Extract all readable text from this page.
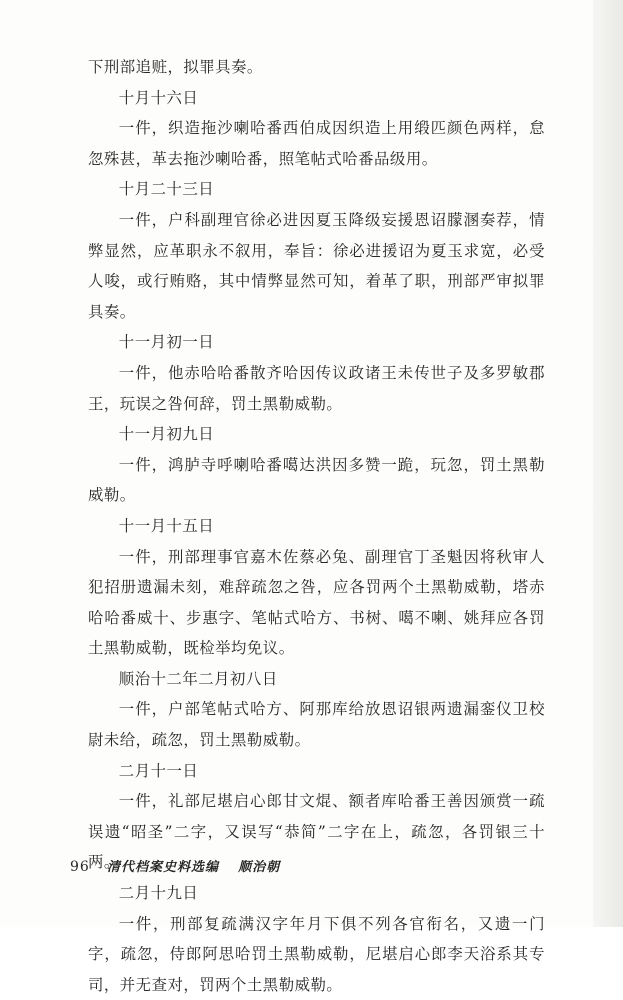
下刑部追赃，拟罪具奏。

十月十六日

一件，织造拖沙喇哈番西伯成因织造上用缎匹颜色两样，怠忽殊甚，革去拖沙喇哈番，照笔帖式哈番品级用。

十月二十三日

一件，户科副理官徐必进因夏玉降级妄援恩诏朦溷奏荐，情弊显然，应革职永不叙用，奉旨：徐必进援诏为夏玉求宽，必受人唆，或行贿赂，其中情弊显然可知，着革了职，刑部严审拟罪具奏。

十一月初一日

一件，他赤哈哈番散齐哈因传议政诸王未传世子及多罗敏郡王，玩误之咎何辞，罚土黑勒威勒。

十一月初九日

一件，鸿胪寺呼喇哈番噶达洪因多赞一跪，玩忽，罚土黑勒威勒。

十一月十五日

一件，刑部理事官嘉木佐蔡必兔、副理官丁圣魁因将秋审人犯招册遗漏未刻，难辞疏忽之咎，应各罚两个土黑勒威勒，塔赤哈哈番威十、步惠字、笔帖式哈方、书树、噶不喇、姚拜应各罚土黑勒威勒，既检举均免议。

顺治十二年二月初八日

一件，户部笔帖式哈方、阿那库给放恩诏银两遗漏銮仪卫校尉未给，疏忽，罚土黑勒威勒。

二月十一日

一件，礼部尼堪启心郎甘文焜、额者库哈番王善因颁赏一疏误遗“昭圣”二字，又误写“恭简”二字在上，疏忽，各罚银三十两。

二月十九日

一件，刑部复疏满汉字年月下俱不列各官衔名，又遗一门字，疏忽，侍郎阿思哈罚土黑勒威勒，尼堪启心郎李天浴系其专司，并无查对，罚两个土黑勒威勒。

96 清代档案史料选编 顺治朝
